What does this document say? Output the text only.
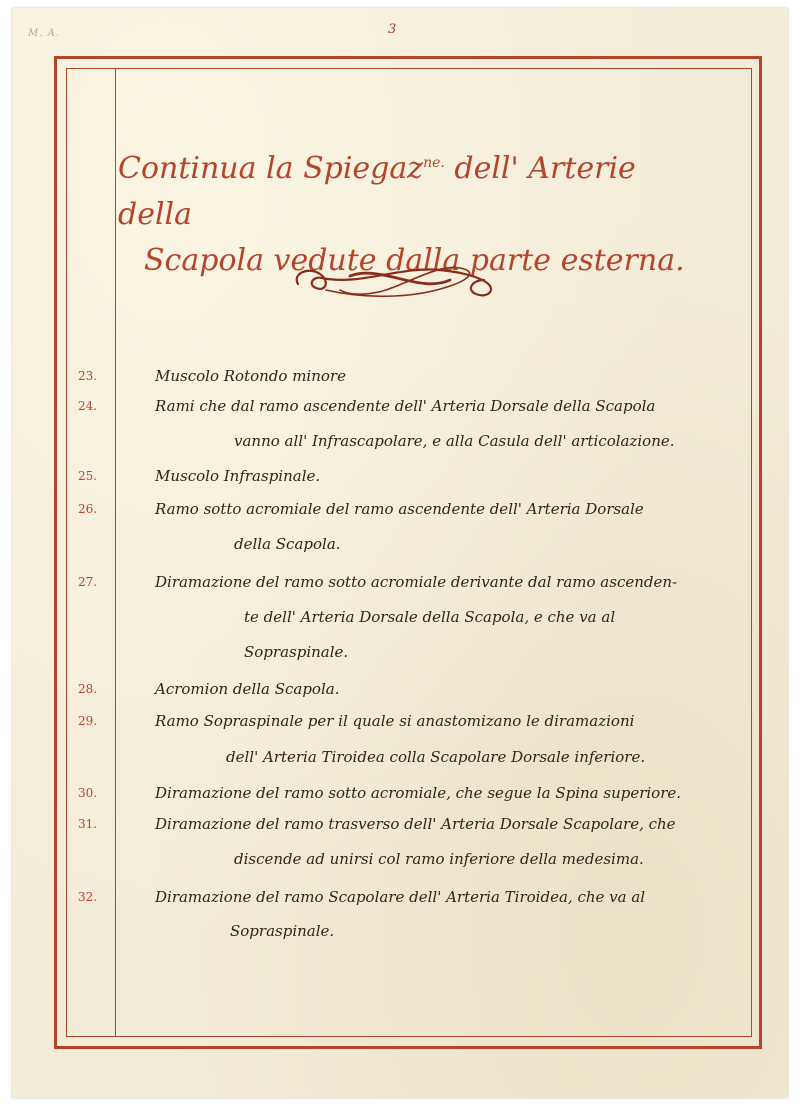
M. A.	3
Continua la Spiegaz$^{ne.}$ dell' Arterie della
Scapola vedute dalla parte esterna.
23.	Muscolo Rotondo minore
24.	Rami che dal ramo ascendente dell' Arteria Dorsale della Scapola
vanno all' Infrascapolare, e alla Casula dell' articolazione.
25.	Muscolo Infraspinale.
26.	Ramo sotto acromiale del ramo ascendente dell' Arteria Dorsale
della Scapola.
27.	Diramazione del ramo sotto acromiale derivante dal ramo ascenden-
te dell' Arteria Dorsale della Scapola, e che va al
Sopraspinale.
28.	Acromion della Scapola.
29.	Ramo Sopraspinale per il quale si anastomizano le diramazioni
dell' Arteria Tiroidea colla Scapolare Dorsale inferiore.
30.	Diramazione del ramo sotto acromiale, che segue la Spina superiore.
31.	Diramazione del ramo trasverso dell' Arteria Dorsale Scapolare, che
discende ad unirsi col ramo inferiore della medesima.
32.	Diramazione del ramo Scapolare dell' Arteria Tiroidea, che va al
Sopraspinale.
